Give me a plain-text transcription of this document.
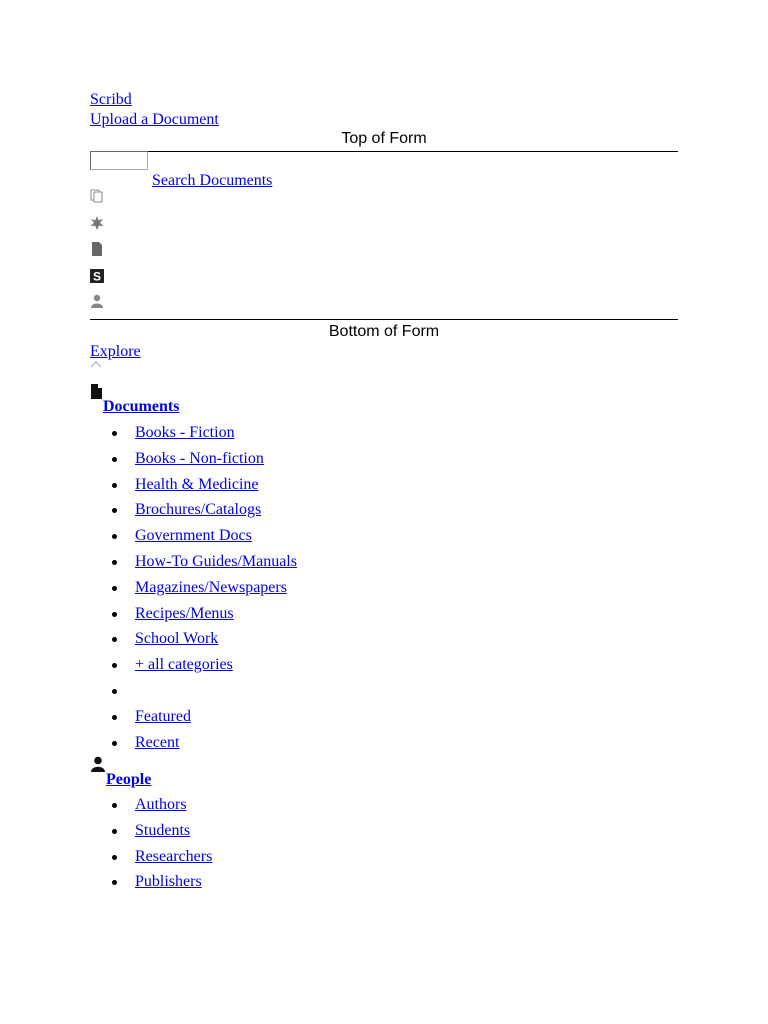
Scribd
Upload a Document
Top of Form
Search Documents
S
Bottom of Form
Explore
Documents
Books - Fiction
Books - Non-fiction
Health & Medicine
Brochures/Catalogs
Government Docs
How-To Guides/Manuals
Magazines/Newspapers
Recipes/Menus
School Work
+ all categories
Featured
Recent
People
Authors
Students
Researchers
Publishers
